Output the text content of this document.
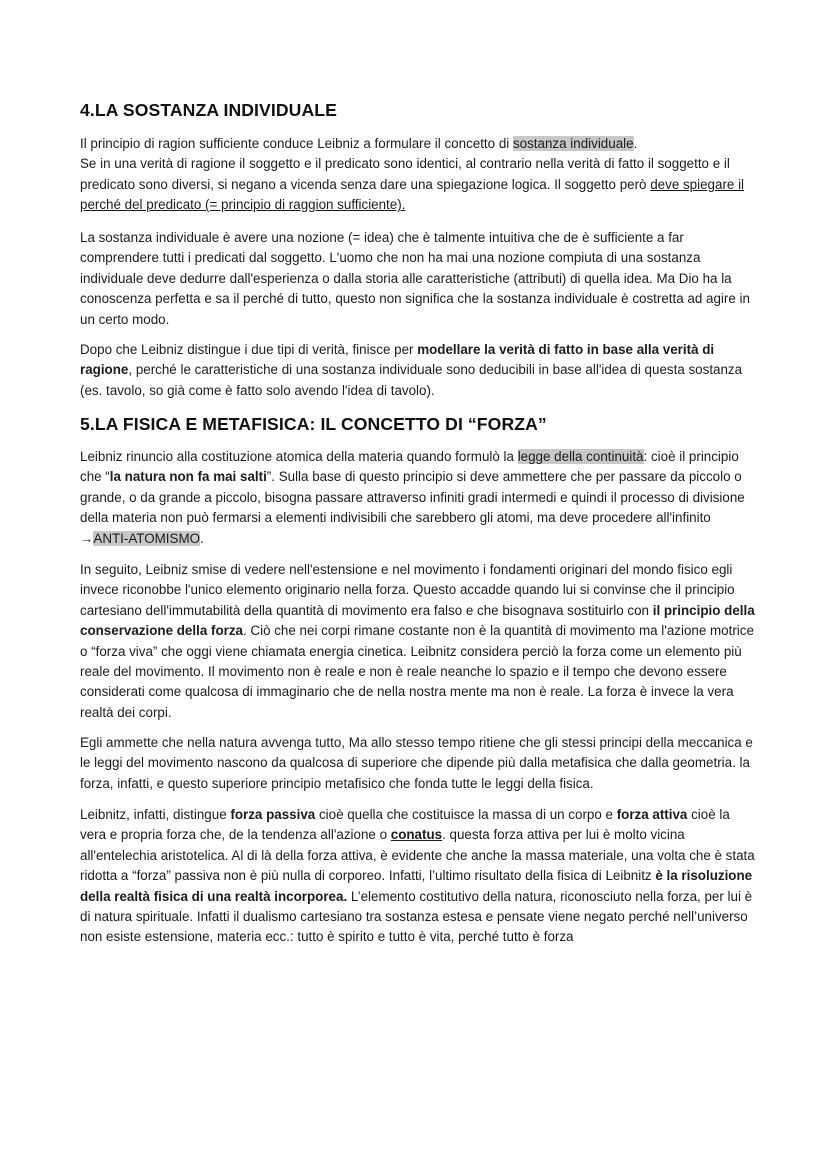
4.LA SOSTANZA INDIVIDUALE

Il principio di ragion sufficiente conduce Leibniz a formulare il concetto di sostanza individuale.
Se in una verità di ragione il soggetto e il predicato sono identici, al contrario nella verità di fatto il soggetto e il predicato sono diversi, si negano a vicenda senza dare una spiegazione logica. Il soggetto però deve spiegare il perché del predicato (= principio di raggion sufficiente).

La sostanza individuale è avere una nozione (= idea) che è talmente intuitiva che de è sufficiente a far comprendere tutti i predicati dal soggetto. L'uomo che non ha mai una nozione compiuta di una sostanza individuale deve dedurre dall'esperienza o dalla storia alle caratteristiche (attributi) di quella idea. Ma Dio ha la conoscenza perfetta e sa il perché di tutto, questo non significa che la sostanza individuale è costretta ad agire in un certo modo.

Dopo che Leibniz distingue i due tipi di verità, finisce per modellare la verità di fatto in base alla verità di ragione, perché le caratteristiche di una sostanza individuale sono deducibili in base all'idea di questa sostanza (es. tavolo, so già come è fatto solo avendo l'idea di tavolo).

5.LA FISICA E METAFISICA: IL CONCETTO DI “FORZA”

Leibniz rinuncio alla costituzione atomica della materia quando formulò la legge della continuità: cioè il principio che “la natura non fa mai salti”. Sulla base di questo principio si deve ammettere che per passare da piccolo o grande, o da grande a piccolo, bisogna passare attraverso infiniti gradi intermedi e quindi il processo di divisione della materia non può fermarsi a elementi indivisibili che sarebbero gli atomi, ma deve procedere all'infinito →ANTI-ATOMISMO.

In seguito, Leibniz smise di vedere nell'estensione e nel movimento i fondamenti originari del mondo fisico egli invece riconobbe l'unico elemento originario nella forza. Questo accadde quando lui si convinse che il principio cartesiano dell'immutabilità della quantità di movimento era falso e che bisognava sostituirlo con il principio della conservazione della forza. Ciò che nei corpi rimane costante non è la quantità di movimento ma l'azione motrice o “forza viva” che oggi viene chiamata energia cinetica. Leibnitz considera perciò la forza come un elemento più reale del movimento. Il movimento non è reale e non è reale neanche lo spazio e il tempo che devono essere considerati come qualcosa di immaginario che de nella nostra mente ma non è reale. La forza è invece la vera realtà dei corpi.

Egli ammette che nella natura avvenga tutto, Ma allo stesso tempo ritiene che gli stessi principi della meccanica e le leggi del movimento nascono da qualcosa di superiore che dipende più dalla metafisica che dalla geometria. la forza, infatti, e questo superiore principio metafisico che fonda tutte le leggi della fisica.

Leibnitz, infatti, distingue forza passiva cioè quella che costituisce la massa di un corpo e forza attiva cioè la vera e propria forza che, de la tendenza all'azione o conatus. questa forza attiva per lui è molto vicina all'entelechia aristotelica. Al di là della forza attiva, è evidente che anche la massa materiale, una volta che è stata ridotta a “forza” passiva non è più nulla di corporeo. Infatti, l’ultimo risultato della fisica di Leibnitz è la risoluzione della realtà fisica di una realtà incorporea. L’elemento costitutivo della natura, riconosciuto nella forza, per lui è di natura spirituale. Infatti il dualismo cartesiano tra sostanza estesa e pensate viene negato perché nell’universo non esiste estensione, materia ecc.: tutto è spirito e tutto è vita, perché tutto è forza
